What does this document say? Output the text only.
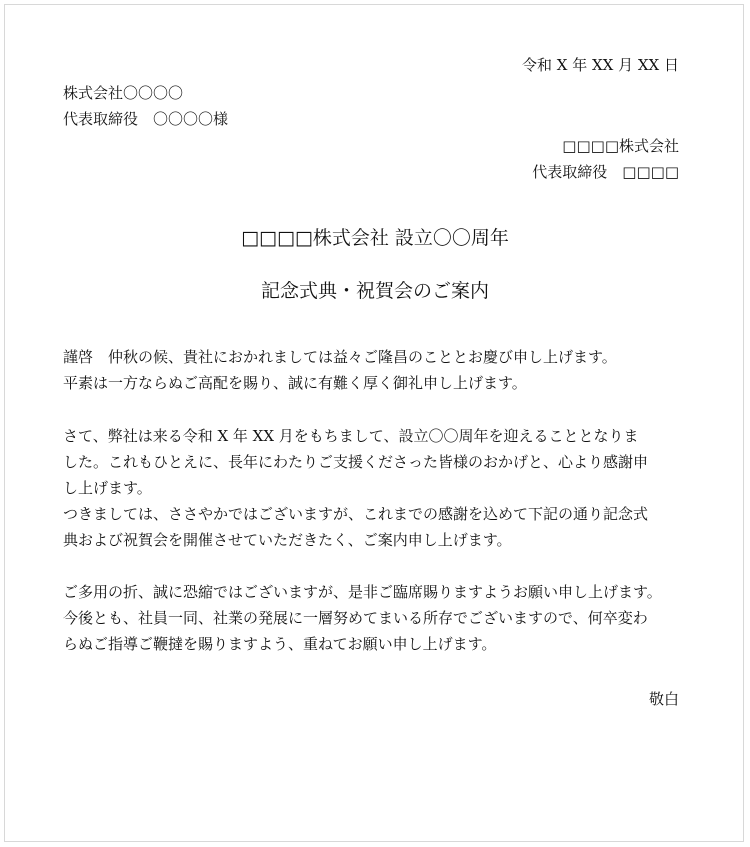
令和 X 年 XX 月 XX 日
株式会社〇〇〇〇
代表取締役　〇〇〇〇様
□□□□株式会社
代表取締役　□□□□
□□□□株式会社 設立〇〇周年
記念式典・祝賀会のご案内
謹啓　仲秋の候、貴社におかれましては益々ご隆昌のこととお慶び申し上げます。
平素は一方ならぬご高配を賜り、誠に有難く厚く御礼申し上げます。
さて、弊社は来る令和 X 年 XX 月をもちまして、設立〇〇周年を迎えることとなりま
した。これもひとえに、長年にわたりご支援くださった皆様のおかげと、心より感謝申
し上げます。
つきましては、ささやかではございますが、これまでの感謝を込めて下記の通り記念式
典および祝賀会を開催させていただきたく、ご案内申し上げます。
ご多用の折、誠に恐縮ではございますが、是非ご臨席賜りますようお願い申し上げます。
今後とも、社員一同、社業の発展に一層努めてまいる所存でございますので、何卒変わ
らぬご指導ご鞭撻を賜りますよう、重ねてお願い申し上げます。
敬白
